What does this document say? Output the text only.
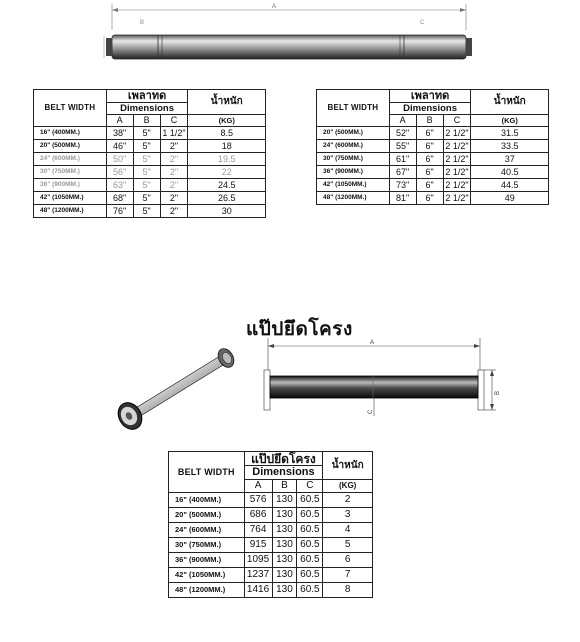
A
B	C
BELT WIDTH	เพลาทด			น้ำหนัก
	Dimensions			
	A	B	C	(KG)
16" (400MM.)	38"	5"	1 1/2"	8.5
20" (500MM.)	46"	5"	2"	18
24" (600MM.)	50"	5"	2"	19.5
30" (750MM.)	56"	5"	2"	22
36" (900MM.)	63"	5"	2"	24.5
42" (1050MM.)	68"	5"	2"	26.5
48" (1200MM.)	76"	5"	2"	30
BELT WIDTH	เพลาทด			น้ำหนัก
	Dimensions			
	A	B	C	(KG)
20" (500MM.)	52"	6"	2 1/2"	31.5
24" (600MM.)	55"	6"	2 1/2"	33.5
30" (750MM.)	61"	6"	2 1/2"	37
36" (900MM.)	67"	6"	2 1/2"	40.5
42" (1050MM.)	73"	6"	2 1/2"	44.5
48" (1200MM.)	81"	6"	2 1/2"	49
แป๊ปยึดโครง
A
B
C
BELT WIDTH	แป๊ปยึดโครง			น้ำหนัก
	Dimensions			
	A	B	C	(KG)
16" (400MM.)	576	130	60.5	2
20" (500MM.)	686	130	60.5	3
24" (600MM.)	764	130	60.5	4
30" (750MM.)	915	130	60.5	5
36" (900MM.)	1095	130	60.5	6
42" (1050MM.)	1237	130	60.5	7
48" (1200MM.)	1416	130	60.5	8
